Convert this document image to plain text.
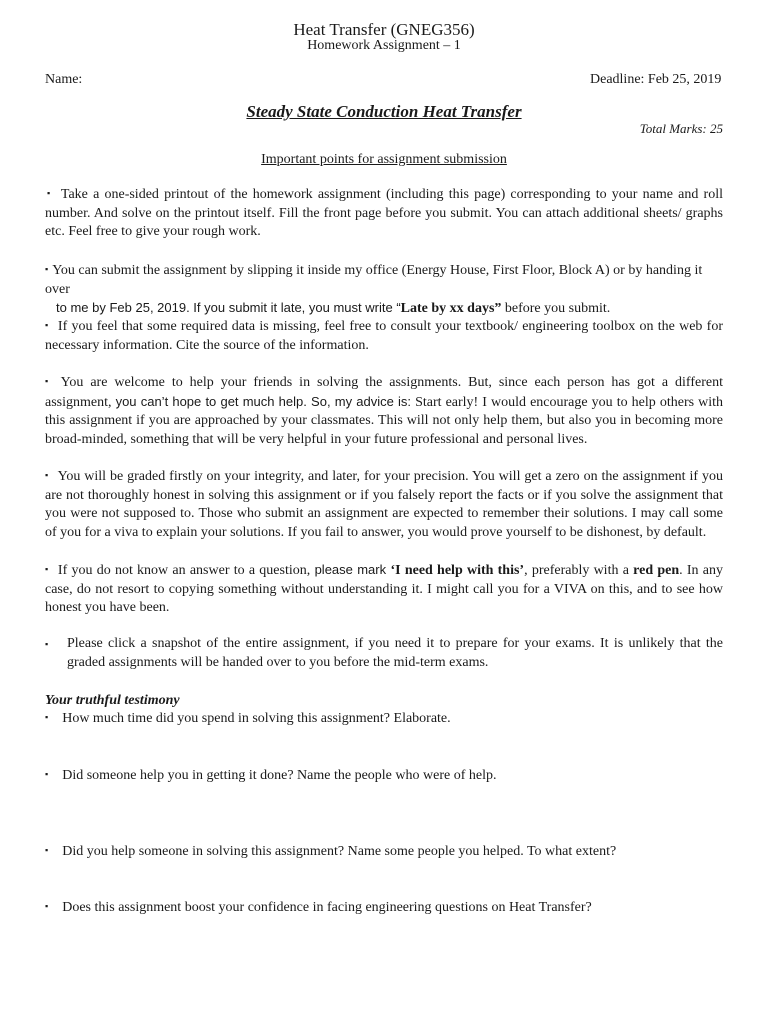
Heat Transfer (GNEG356)
Homework Assignment – 1
Name:	Deadline: Feb 25, 2019
Steady State Conduction Heat Transfer
Total Marks: 25
Important points for assignment submission
▪ Take a one-sided printout of the homework assignment (including this page) corresponding to your name and roll number. And solve on the printout itself. Fill the front page before you submit. You can attach additional sheets/ graphs etc. Feel free to give your rough work.
▪ You can submit the assignment by slipping it inside my office (Energy House, First Floor, Block A) or by handing it over
to me by Feb 25, 2019. If you submit it late, you must write “Late by xx days” before you submit.
▪ If you feel that some required data is missing, feel free to consult your textbook/ engineering toolbox on the web for necessary information. Cite the source of the information.
▪ You are welcome to help your friends in solving the assignments. But, since each person has got a different assignment, you can’t hope to get much help. So, my advice is: Start early! I would encourage you to help others with this assignment if you are approached by your classmates. This will not only help them, but also you in becoming more broad-minded, something that will be very helpful in your future professional and personal lives.
▪ You will be graded firstly on your integrity, and later, for your precision. You will get a zero on the assignment if you are not thoroughly honest in solving this assignment or if you falsely report the facts or if you solve the assignment that you were not supposed to. Those who submit an assignment are expected to remember their solutions. I may call some of you for a viva to explain your solutions. If you fail to answer, you would prove yourself to be dishonest, by default.
▪ If you do not know an answer to a question, please mark ‘I need help with this’, preferably with a red pen. In any case, do not resort to copying something without understanding it. I might call you for a VIVA on this, and to see how honest you have been.
▪ Please click a snapshot of the entire assignment, if you need it to prepare for your exams. It is unlikely that the graded assignments will be handed over to you before the mid-term exams.
Your truthful testimony
▪ How much time did you spend in solving this assignment? Elaborate.
▪ Did someone help you in getting it done? Name the people who were of help.
▪ Did you help someone in solving this assignment? Name some people you helped. To what extent?
▪ Does this assignment boost your confidence in facing engineering questions on Heat Transfer?
